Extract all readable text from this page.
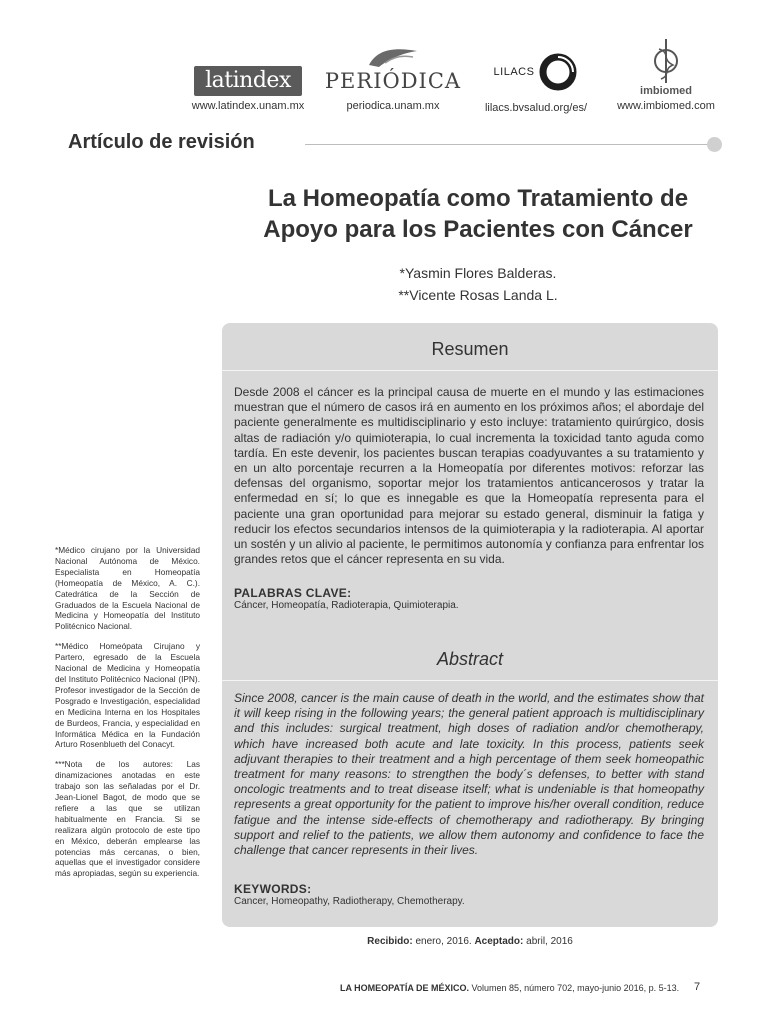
latindex
www.latindex.unam.mx
PERIÓDICA
periodica.unam.mx
LILACS
lilacs.bvsalud.org/es/
imbiomed
www.imbiomed.com
Artículo de revisión
La Homeopatía como Tratamiento de Apoyo para los Pacientes con Cáncer
*Yasmin Flores Balderas.
**Vicente Rosas Landa L.
Resumen
Desde 2008 el cáncer es la principal causa de muerte en el mundo y las estimaciones muestran que el número de casos irá en aumento en los próximos años; el abordaje del paciente generalmente es multidisciplinario y esto incluye: tratamiento quirúrgico, dosis altas de radiación y/o quimioterapia, lo cual incrementa la toxicidad tanto aguda como tardía. En este devenir, los pacientes buscan terapias coadyuvantes a su tratamiento y en un alto porcentaje recurren a la Homeopatía por diferentes motivos: reforzar las defensas del organismo, soportar mejor los tratamientos anticancerosos y tratar la enfermedad en sí; lo que es innegable es que la Homeopatía representa para el paciente una gran oportunidad para mejorar su estado general, disminuir la fatiga y reducir los efectos secundarios intensos de la quimioterapia y la radioterapia. Al aportar un sostén y un alivio al paciente, le permitimos autonomía y confianza para enfrentar los grandes retos que el cáncer representa en su vida.
PALABRAS CLAVE:
Cáncer, Homeopatía, Radioterapia, Quimioterapia.
Abstract
Since 2008, cancer is the main cause of death in the world, and the estimates show that it will keep rising in the following years; the general patient approach is multidisciplinary and this includes: surgical treatment, high doses of radiation and/or chemotherapy, which have increased both acute and late toxicity. In this process, patients seek adjuvant therapies to their treatment and a high percentage of them seek homeopathic treatment for many reasons: to strengthen the body´s defenses, to better with stand oncologic treatments and to treat disease itself; what is undeniable is that homeopathy represents a great opportunity for the patient to improve his/her overall condition, reduce fatigue and the intense side-effects of chemotherapy and radiotherapy. By bringing support and relief to the patients, we allow them autonomy and confidence to face the challenge that cancer represents in their lives.
KEYWORDS:
Cancer, Homeopathy, Radiotherapy, Chemotherapy.
Recibido: enero, 2016. Aceptado: abril, 2016

*Médico cirujano por la Universidad Nacional Autónoma de México. Especialista en Homeopatía (Homeopatía de México, A. C.). Catedrática de la Sección de Graduados de la Escuela Nacional de Medicina y Homeopatía del Instituto Politécnico Nacional.

**Médico Homeópata Cirujano y Partero, egresado de la Escuela Nacional de Medicina y Homeopatía del Instituto Politécnico Nacional (IPN). Profesor investigador de la Sección de Posgrado e Investigación, especialidad en Medicina Interna en los Hospitales de Burdeos, Francia, y especialidad en Informática Médica en la Fundación Arturo Rosenblueth del Conacyt.

***Nota de los autores: Las dinamizaciones anotadas en este trabajo son las señaladas por el Dr. Jean-Lionel Bagot, de modo que se refiere a las que se utilizan habitualmente en Francia. Si se realizara algún protocolo de este tipo en México, deberán emplearse las potencias más cercanas, o bien, aquellas que el investigador considere más apropiadas, según su experiencia.

LA HOMEOPATÍA DE MÉXICO. Volumen 85, número 702, mayo-junio 2016, p. 5-13.	7
